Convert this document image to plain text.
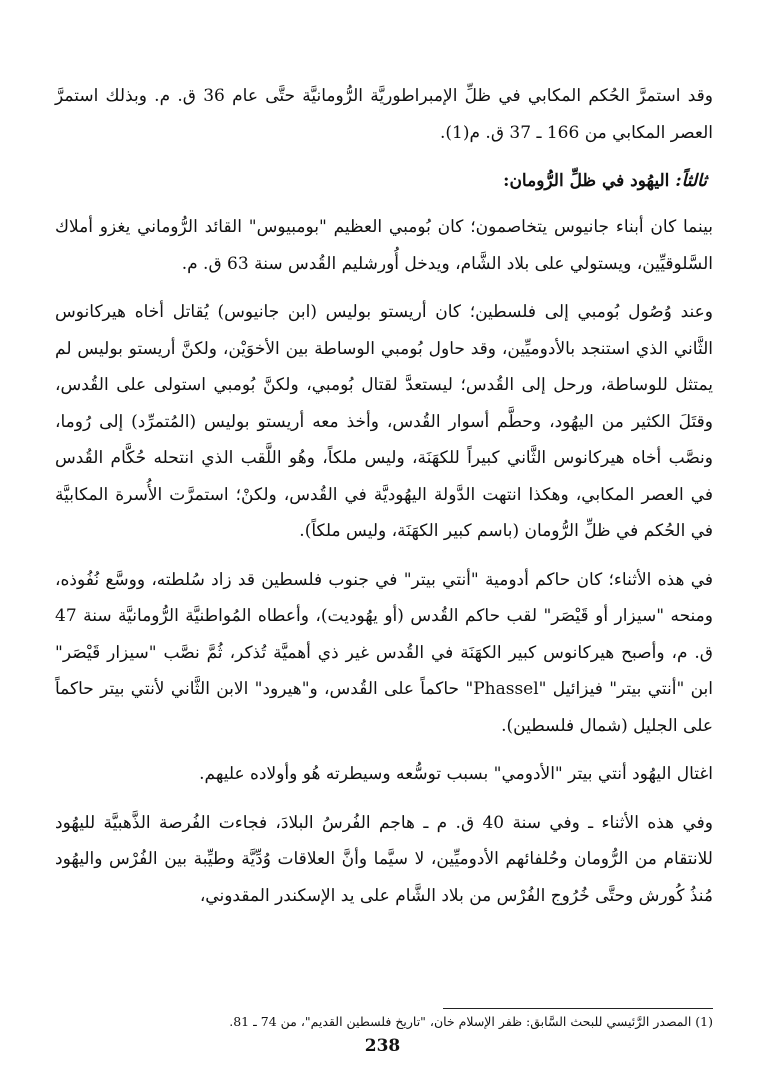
وقد استمرَّ الحُكم المكابي في ظلِّ الإمبراطوريَّة الرُّومانيَّة حتَّى عام 36 ق. م. وبذلك استمرَّ العصر المكابي من 166 ـ 37 ق. م(1).

ثالثاً: اليهُود في ظلِّ الرُّومان:

بينما كان أبناء جانيوس يتخاصمون؛ كان بُومبي العظيم "بومبيوس" القائد الرُّوماني يغزو أملاك السَّلوقيِّين، ويستولي على بلاد الشَّام، ويدخل أُورشليم القُدس سنة 63 ق. م.

وعند وُصُول بُومبي إلى فلسطين؛ كان أريستو بوليس (ابن جانيوس) يُقاتل أخاه هيركانوس الثَّاني الذي استنجد بالأدوميِّين، وقد حاول بُومبي الوساطة بين الأخوَيْن، ولكنَّ أريستو بوليس لم يمتثل للوساطة، ورحل إلى القُدس؛ ليستعدَّ لقتال بُومبي، ولكنَّ بُومبي استولى على القُدس، وقتَلَ الكثير من اليهُود، وحطَّم أسوار القُدس، وأخذ معه أريستو بوليس (المُتمرِّد) إلى رُوما، ونصَّب أخاه هيركانوس الثَّاني كبيراً للكهَنَة، وليس ملكاً، وهُو اللَّقب الذي انتحله حُكَّام القُدس في العصر المكابي، وهكذا انتهت الدَّولة اليهُوديَّة في القُدس، ولكنْ؛ استمرَّت الأُسرة المكابيَّة في الحُكم في ظلِّ الرُّومان (باسم كبير الكهَنَة، وليس ملكاً).

في هذه الأثناء؛ كان حاكم أدومية "أنتي بيتر" في جنوب فلسطين قد زاد سُلطته، ووسَّع نُفُوذه، ومنحه "سيزار أو قَيْصَر" لقب حاكم القُدس (أو يهُوديت)، وأعطاه المُواطنيَّة الرُّومانيَّة سنة 47 ق. م، وأصبح هيركانوس كبير الكهَنَة في القُدس غير ذي أهميَّة تُذكر، ثُمَّ نصَّب "سيزار قَيْصَر" ابن "أنتي بيتر" فيزائيل "Phassel" حاكماً على القُدس، و"هيرود" الابن الثَّاني لأنتي بيتر حاكماً على الجليل (شمال فلسطين).

اغتال اليهُود أنتي بيتر "الأدومي" بسبب توسُّعه وسيطرته هُو وأولاده عليهم.

وفي هذه الأثناء ـ وفي سنة 40 ق. م ـ هاجم الفُرسُ البلادَ، فجاءت الفُرصة الذَّهبيَّة لليهُود للانتقام من الرُّومان وحُلفائهم الأدوميِّين، لا سيَّما وأنَّ العلاقات وُدِّيَّة وطيِّبة بين الفُرْس واليهُود مُنذُ كُورش وحتَّى خُرُوج الفُرْس من بلاد الشَّام على يد الإسكندر المقدوني،

(1) المصدر الرَّئيسي للبحث السَّابق: ظفر الإسلام خان، "تاريخ فلسطين القديم"، من 74 ـ 81.
238
